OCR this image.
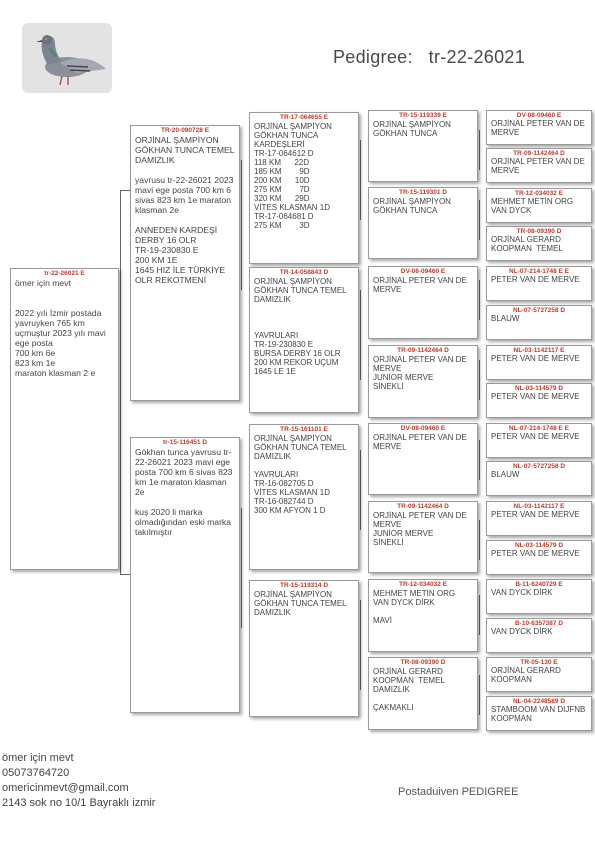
Pedigree: tr-22-26021
tr-22-26021 E
ömer için mevt

2022 yılı İzmir postada yavruyken 765 km uçmuştur 2023 yılı mavi ege posta
700 km 6e
823 km 1e
maraton klasman 2 e
TR-20-090728 E
ORJİNAL ŞAMPİYON GÖKHAN TUNCA TEMEL DAMIZLIK

yavrusu tr-22-26021 2023 mavi ege posta 700 km 6 sivas 823 km 1e maraton klasman 2e

ANNEDEN KARDEŞİ DERBY 16 OLR
TR-19-230830 E
200 KM 1E
1645 HIZ İLE TÜRKİYE OLR REKOTMENİ
tr-15-116451 D
Gökhan tunca yavrusu tr-22-26021 2023 mavi ege posta 700 km 6 sivas 823 km 1e maraton klasman 2e

kuş 2020 li marka olmadığından eski marka takılmıştır
TR-17-064655 E
ORJİNAL ŞAMPİYON GÖKHAN TUNCA
KARDEŞLERİ
TR-17-064612 D
118 KM      22D
185 KM        9D
200 KM      10D
275 KM        7D
320 KM      29D
VİTES KLASMAN 1D
TR-17-064681 D
275 KM        3D
TR-14-058843 D
ORJİNAL ŞAMPİYON GÖKHAN TUNCA TEMEL DAMIZLIK

YAVRULARI
TR-19-230830 E
BURSA DERBY 16 OLR
200 KM REKOR UÇUM 1645 LE 1E
TR-15-161101 E
ORJİNAL ŞAMPİYON GÖKHAN TUNCA TEMEL DAMIZLIK

YAVRULARI
TR-16-082705 D
VİTES KLASMAN 1D
TR-16-082744 D
300 KM AFYON 1 D
TR-15-119314 D
ORJİNAL ŞAMPİYON GÖKHAN TUNCA TEMEL DAMIZLIK
TR-15-119339 E
ORJİNAL ŞAMPİYON GÖKHAN TUNCA
TR-15-119301 D
ORJİNAL ŞAMPİYON GÖKHAN TUNCA
DV-08-09460 E
ORJİNAL PETER VAN DE MERVE
TR-09-1142464 D
ORJİNAL PETER VAN DE MERVE
JUNİOR MERVE
SİNEKLİ
DV-08-09460 E
ORJİNAL PETER VAN DE MERVE
TR-09-1142464 D
ORJİNAL PETER VAN DE MERVE
JUNİOR MERVE
SİNEKLİ
TR-12-034032 E
MEHMET METİN ORG VAN DYCK DİRK

MAVİ
TR-08-09390 D
ORJİNAL GERARD KOOPMAN  TEMEL DAMIZLIK

ÇAKMAKLI
DV-08-09460 E
ORJİNAL PETER VAN DE MERVE
TR-09-1142464 D
ORJİNAL PETER VAN DE MERVE
TR-12-034032 E
MEHMET METİN ORG VAN DYCK
TR-08-09390 D
ORJİNAL GERARD KOOPMAN  TEMEL
NL-07-214-1748 E E
PETER VAN DE MERVE
NL-07-5727258 D
BLAUW
NL-03-1142117 E
PETER VAN DE MERVE
NL-03-114579 D
PETER VAN DE MERVE
NL-07-214-1748 E E
PETER VAN DE MERVE
NL-07-5727258 D
BLAUW
NL-03-1142117 E
PETER VAN DE MERVE
NL-03-114579 D
PETER VAN DE MERVE
B-11-6240729 E
VAN DYCK DİRK
B-10-6357387 D
VAN DYCK DİRK
TR-05-130 E
ORJİNAL GERARD KOOPMAN
NL-04-2248589 D
STAMBOOM VAN DIJFNB KOOPMAN
ömer için mevt
05073764720
omericinmevt@gmail.com
2143 sok no 10/1 Bayraklı izmir
Postaduiven PEDIGREE
